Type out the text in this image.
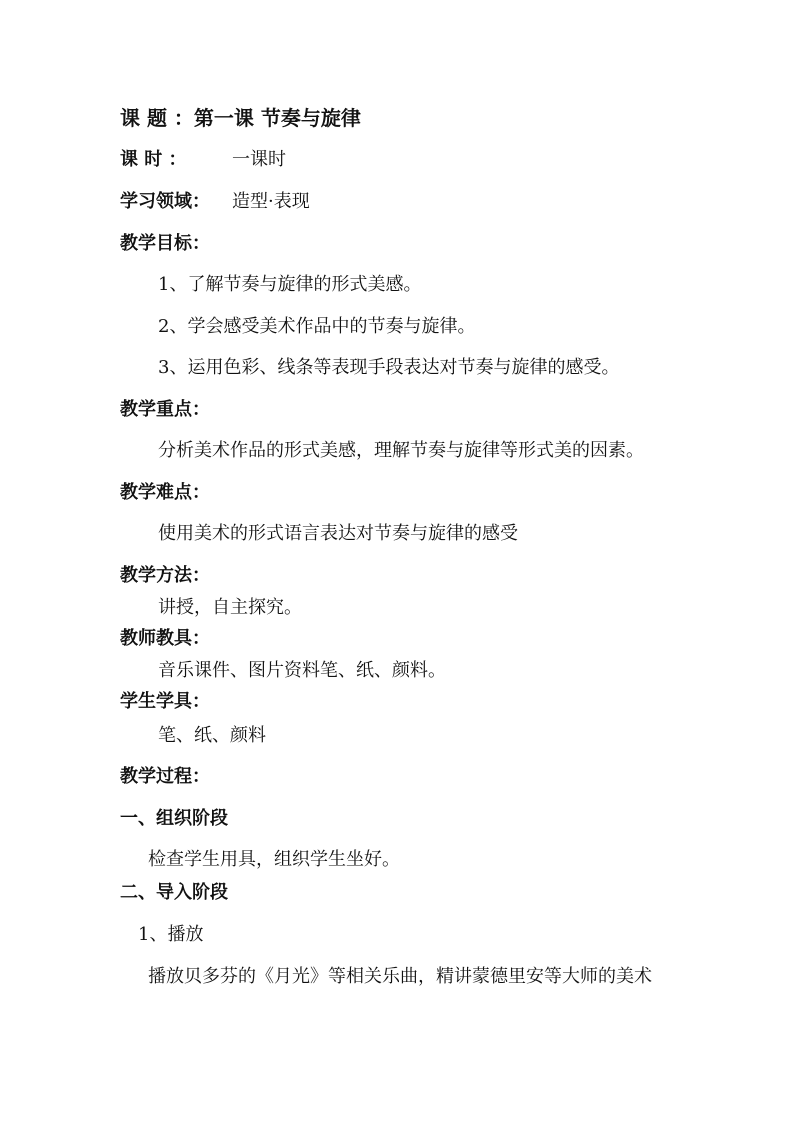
课 题 ：第一课 节奏与旋律
课 时 ：	一课时
学习领域： 造型·表现
教学目标：
1、了解节奏与旋律的形式美感。
2、学会感受美术作品中的节奏与旋律。
3、运用色彩、线条等表现手段表达对节奏与旋律的感受。
教学重点：
分析美术作品的形式美感，理解节奏与旋律等形式美的因素。
教学难点：
使用美术的形式语言表达对节奏与旋律的感受
教学方法：
讲授，自主探究。
教师教具：
音乐课件、图片资料笔、纸、颜料。
学生学具：
笔、纸、颜料
教学过程：
一、组织阶段
检查学生用具，组织学生坐好。
二、导入阶段
1、播放
播放贝多芬的《月光》等相关乐曲，精讲蒙德里安等大师的美术
